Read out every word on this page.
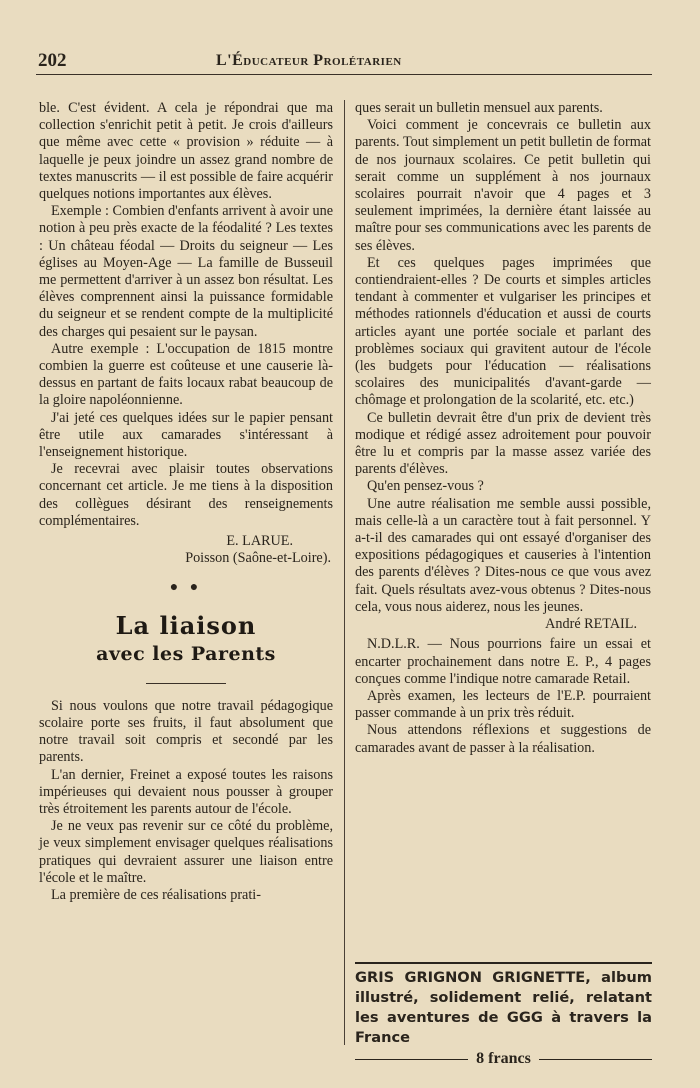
202	L'Éducateur Prolétarien

ble. C'est évident. A cela je répondrai que ma collection s'enrichit petit à petit. Je crois d'ailleurs que même avec cette « provision » réduite — à laquelle je peux joindre un assez grand nombre de textes manuscrits — il est possible de faire acquérir quelques notions importantes aux élèves.

Exemple : Combien d'enfants arrivent à avoir une notion à peu près exacte de la féodalité ? Les textes : Un château féodal — Droits du seigneur — Les églises au Moyen-Age — La famille de Busseuil me permettent d'arriver à un assez bon résultat. Les élèves comprennent ainsi la puissance formidable du seigneur et se rendent compte de la multiplicité des charges qui pesaient sur le paysan.

Autre exemple : L'occupation de 1815 montre combien la guerre est coûteuse et une causerie là-dessus en partant de faits locaux rabat beaucoup de la gloire napoléonnienne.

J'ai jeté ces quelques idées sur le papier pensant être utile aux camarades s'intéressant à l'enseignement historique.

Je recevrai avec plaisir toutes observations concernant cet article. Je me tiens à la disposition des collègues désirant des renseignements complémentaires.

E. LARUE.

Poisson (Saône-et-Loire).

● ●
La liaison
avec les Parents

Si nous voulons que notre travail pédagogique scolaire porte ses fruits, il faut absolument que notre travail soit compris et secondé par les parents.

L'an dernier, Freinet a exposé toutes les raisons impérieuses qui devaient nous pousser à grouper très étroitement les parents autour de l'école.

Je ne veux pas revenir sur ce côté du problème, je veux simplement envisager quelques réalisations pratiques qui devraient assurer une liaison entre l'école et le maître.

La première de ces réalisations prati-

ques serait un bulletin mensuel aux parents.

Voici comment je concevrais ce bulletin aux parents. Tout simplement un petit bulletin de format de nos journaux scolaires. Ce petit bulletin qui serait comme un supplément à nos journaux scolaires pourrait n'avoir que 4 pages et 3 seulement imprimées, la dernière étant laissée au maître pour ses communications avec les parents de ses élèves.

Et ces quelques pages imprimées que contiendraient-elles ? De courts et simples articles tendant à commenter et vulgariser les principes et méthodes rationnels d'éducation et aussi de courts articles ayant une portée sociale et parlant des problèmes sociaux qui gravitent autour de l'école (les budgets pour l'éducation — réalisations scolaires des municipalités d'avant-garde — chômage et prolongation de la scolarité, etc. etc.)

Ce bulletin devrait être d'un prix de devient très modique et rédigé assez adroitement pour pouvoir être lu et compris par la masse assez variée des parents d'élèves.

Qu'en pensez-vous ?

Une autre réalisation me semble aussi possible, mais celle-là a un caractère tout à fait personnel. Y a-t-il des camarades qui ont essayé d'organiser des expositions pédagogiques et causeries à l'intention des parents d'élèves ? Dites-nous ce que vous avez fait. Quels résultats avez-vous obtenus ? Dites-nous cela, vous nous aiderez, nous les jeunes.

André RETAIL.

N.D.L.R. — Nous pourrions faire un essai et encarter prochainement dans notre E. P., 4 pages conçues comme l'indique notre camarade Retail.

Après examen, les lecteurs de l'E.P. pourraient passer commande à un prix très réduit.

Nous attendons réflexions et suggestions de camarades avant de passer à la réalisation.

GRIS GRIGNON GRIGNETTE, album illustré, solidement relié, relatant les aventures de GGG à travers la France
8 francs
